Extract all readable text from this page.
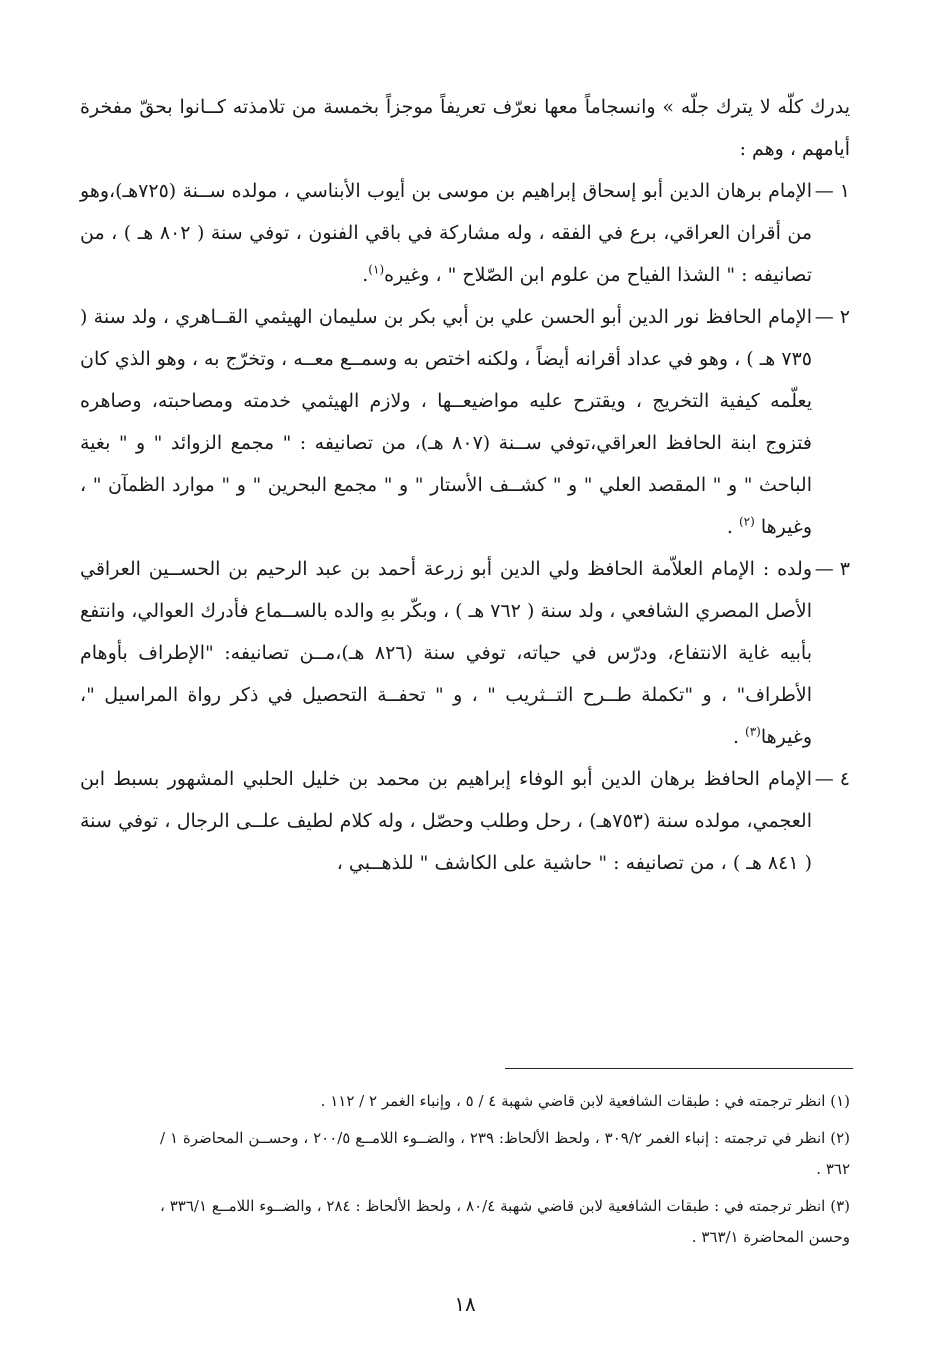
يدرك كلّه لا يترك جلّه » وانسجاماً معها نعرّف تعريفاً موجزاً بخمسة من تلامذته كــانوا بحقّ مفخرة أيامهم ، وهم :

١ —
الإمام برهان الدين أبو إسحاق إبراهيم بن موسى بن أيوب الأبناسي ، مولده ســنة (٧٢٥هـ)،وهو من أقران العراقي، برع في الفقه ، وله مشاركة في باقي الفنون ، توفي سنة ( ٨٠٢ هـ ) ، من تصانيفه : " الشذا الفياح من علوم ابن الصّلاح " ، وغيره$^{(١)}$.
٢ —
الإمام الحافظ نور الدين أبو الحسن علي بن أبي بكر بن سليمان الهيثمي القــاهري ، ولد سنة ( ٧٣٥ هـ ) ، وهو في عداد أقرانه أيضاً ، ولكنه اختص به وسمــع معــه ، وتخرّج به ، وهو الذي كان يعلّمه كيفية التخريج ، ويقترح عليه مواضيعــها ، ولازم الهيثمي خدمته ومصاحبته، وصاهره فتزوج ابنة الحافظ العراقي،توفي ســنة (٨٠٧ هـ)، من تصانيفه : " مجمع الزوائد " و " بغية الباحث " و " المقصد العلي " و " كشــف الأستار " و " مجمع البحرين " و " موارد الظمآن " ، وغيرها $^{(٢)}$ .
٣ —
ولده : الإمام العلاّمة الحافظ ولي الدين أبو زرعة أحمد بن عبد الرحيم بن الحســين العراقي الأصل المصري الشافعي ، ولد سنة ( ٧٦٢ هـ ) ، وبكّر بهِ والده بالســماع فأدرك العوالي، وانتفع بأبيه غاية الانتفاع، ودرّس في حياته، توفي سنة (٨٢٦ هـ)،مــن تصانيفه: "الإطراف بأوهام الأطراف" ، و "تكملة طــرح التــثريب " ، و " تحفــة التحصيل في ذكر رواة المراسيل "، وغيرها$^{(٣)}$ .
٤ —
الإمام الحافظ برهان الدين أبو الوفاء إبراهيم بن محمد بن خليل الحلبي المشهور بسبط ابن العجمي، مولده سنة (٧٥٣هـ) ، رحل وطلب وحصّل ، وله كلام لطيف علــى الرجال ، توفي سنة ( ٨٤١ هـ ) ، من تصانيفه : " حاشية على الكاشف " للذهــبي ،

(١) انظر ترجمته في : طبقات الشافعية لابن قاضي شهبة ٤ / ٥ ، وإنباء الغمر ٢ / ١١٢ .

(٢) انظر في ترجمته : إنباء الغمر ٣٠٩/٢ ، ولحظ الألحاظ: ٢٣٩ ، والضــوء اللامــع ٢٠٠/٥ ، وحســن المحاضرة ١ / ٣٦٢ .

(٣) انظر ترجمته في : طبقات الشافعية لابن قاضي شهبة ٨٠/٤ ، ولحظ الألحاظ : ٢٨٤ ، والضــوء اللامــع ٣٣٦/١ ، وحسن المحاضرة ٣٦٣/١ .

١٨
